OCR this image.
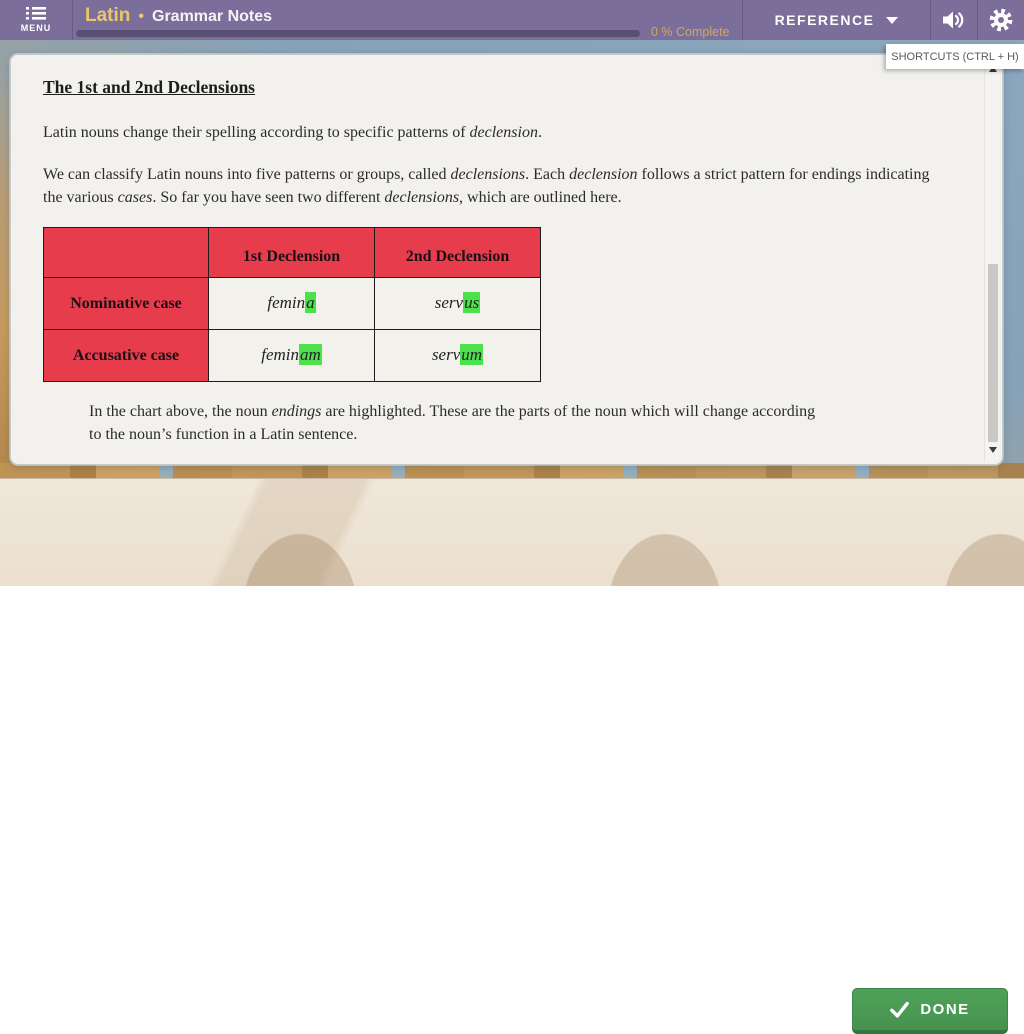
MENU
Latin • Grammar Notes
0 % Complete
REFERENCE
SHORTCUTS (CTRL + H)
The 1st and 2nd Declensions

Latin nouns change their spelling according to specific patterns of declension.

We can classify Latin nouns into five patterns or groups, called declensions. Each declension follows a strict pattern for endings indicating the various cases. So far you have seen two different declensions, which are outlined here.

	1st Declension	2nd Declension
Nominative case	femina	servus
Accusative case	feminam	servum

In the chart above, the noun endings are highlighted. These are the parts of the noun which will change according to the noun’s function in a Latin sentence.

DONE
